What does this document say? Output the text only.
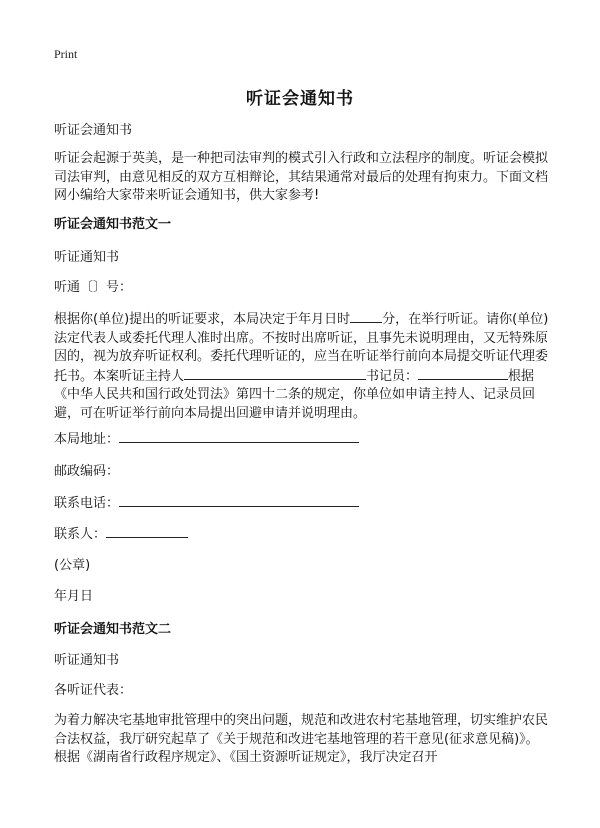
Print
听证会通知书
听证会通知书
听证会起源于英美，是一种把司法审判的模式引入行政和立法程序的制度。听证会模拟司法审判，由意见相反的双方互相辩论，其结果通常对最后的处理有拘束力。下面文档网小编给大家带来听证会通知书，供大家参考!
听证会通知书范文一
听证通知书
听通〔〕号：
根据你(单位)提出的听证要求，本局决定于年月日时 分，在举行听证。请你(单位)法定代表人或委托代理人准时出席。不按时出席听证，且事先未说明理由，又无特殊原因的，视为放弃听证权利。委托代理听证的，应当在听证举行前向本局提交听证代理委托书。本案听证主持人	书记员：	根据《中华人民共和国行政处罚法》第四十二条的规定，你单位如申请主持人、记录员回避，可在听证举行前向本局提出回避申请并说明理由。
本局地址：
邮政编码：
联系电话：
联系人：
(公章)
年月日
听证会通知书范文二
听证通知书
各听证代表：
为着力解决宅基地审批管理中的突出问题，规范和改进农村宅基地管理，切实维护农民合法权益，我厅研究起草了《关于规范和改进宅基地管理的若干意见(征求意见稿)》。根据《湖南省行政程序规定》、《国土资源听证规定》，我厅决定召开
